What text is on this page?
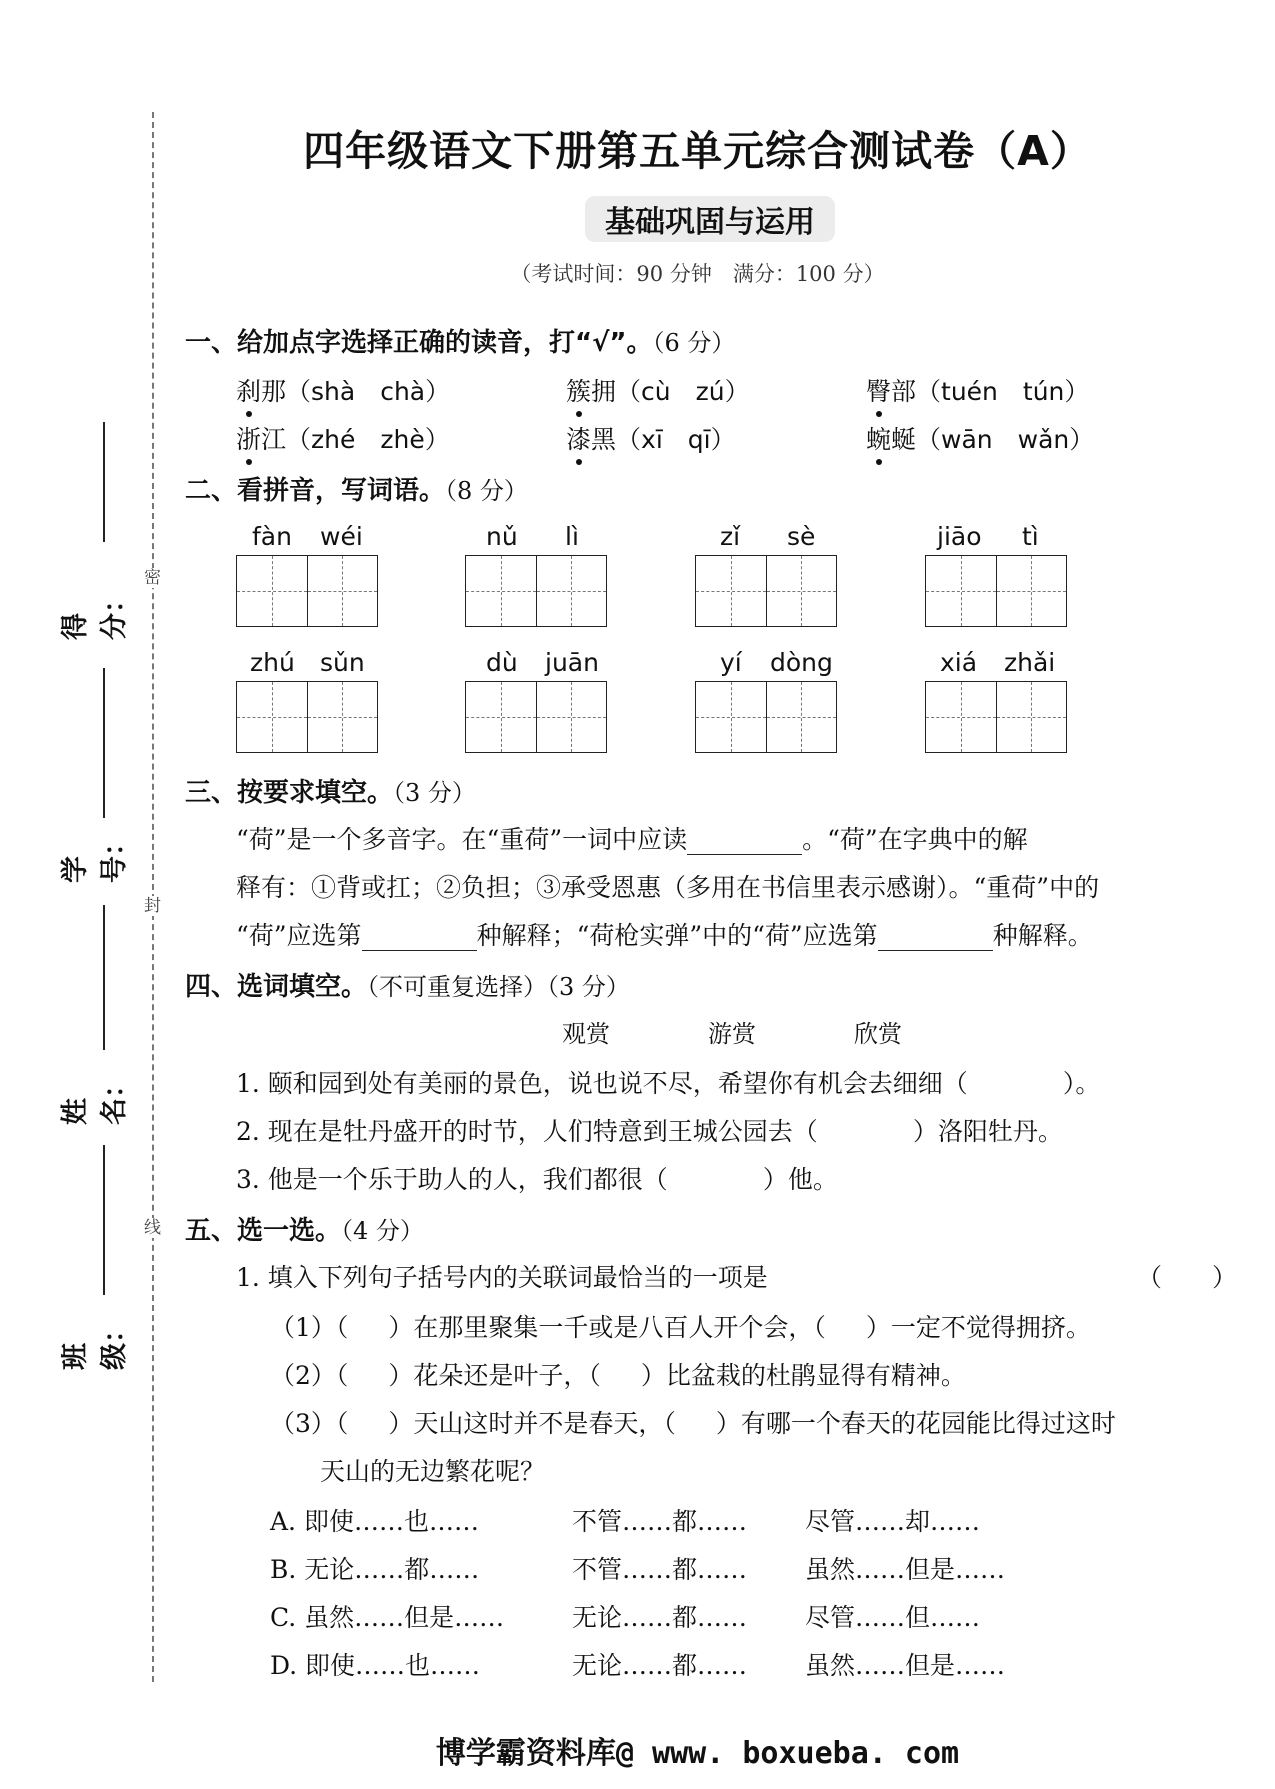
密
封
线
得分：
学号：
姓名：
班级：
四年级语文下册第五单元综合测试卷（A）
基础巩固与运用
（考试时间：90 分钟　满分：100 分）
一、给加点字选择正确的读音，打“√”。（6 分）
刹那（shà　chà）	簇拥（cù　zú）	臀部（tuén　tún）
浙江（zhé　zhè）	漆黑（xī　qī）	蜿蜒（wān　wǎn）
二、看拼音，写词语。（8 分）
fàn wéi	nǔ lì	zǐ sè	jiāo tì
zhú sǔn	dù juān	yí dòng	xiá zhǎi
三、按要求填空。（3 分）
“荷”是一个多音字。在“重荷”一词中应读	。“荷”在字典中的解
释有：①背或扛；②负担；③承受恩惠（多用在书信里表示感谢）。“重荷”中的
“荷”应选第	种解释；“荷枪实弹”中的“荷”应选第	种解释。
四、选词填空。（不可重复选择）（3 分）
观赏	游赏	欣赏
1. 颐和园到处有美丽的景色，说也说不尽，希望你有机会去细细（	）。
2. 现在是牡丹盛开的时节，人们特意到王城公园去（	）洛阳牡丹。
3. 他是一个乐于助人的人，我们都很（	）他。
五、选一选。（4 分）
1. 填入下列句子括号内的关联词最恰当的一项是	（　　）
（1）（ ）在那里聚集一千或是八百人开个会，（ ）一定不觉得拥挤。
（2）（ ）花朵还是叶子，（ ）比盆栽的杜鹃显得有精神。
（3）（ ）天山这时并不是春天，（ ）有哪一个春天的花园能比得过这时
天山的无边繁花呢？
A. 即使……也……	不管……都…… 尽管……却……
B. 无论……都……	不管……都…… 虽然……但是……
C. 虽然……但是……	无论……都…… 尽管……但……
D. 即使……也……	无论……都…… 虽然……但是……
博学霸资料库@ www. boxueba. com
